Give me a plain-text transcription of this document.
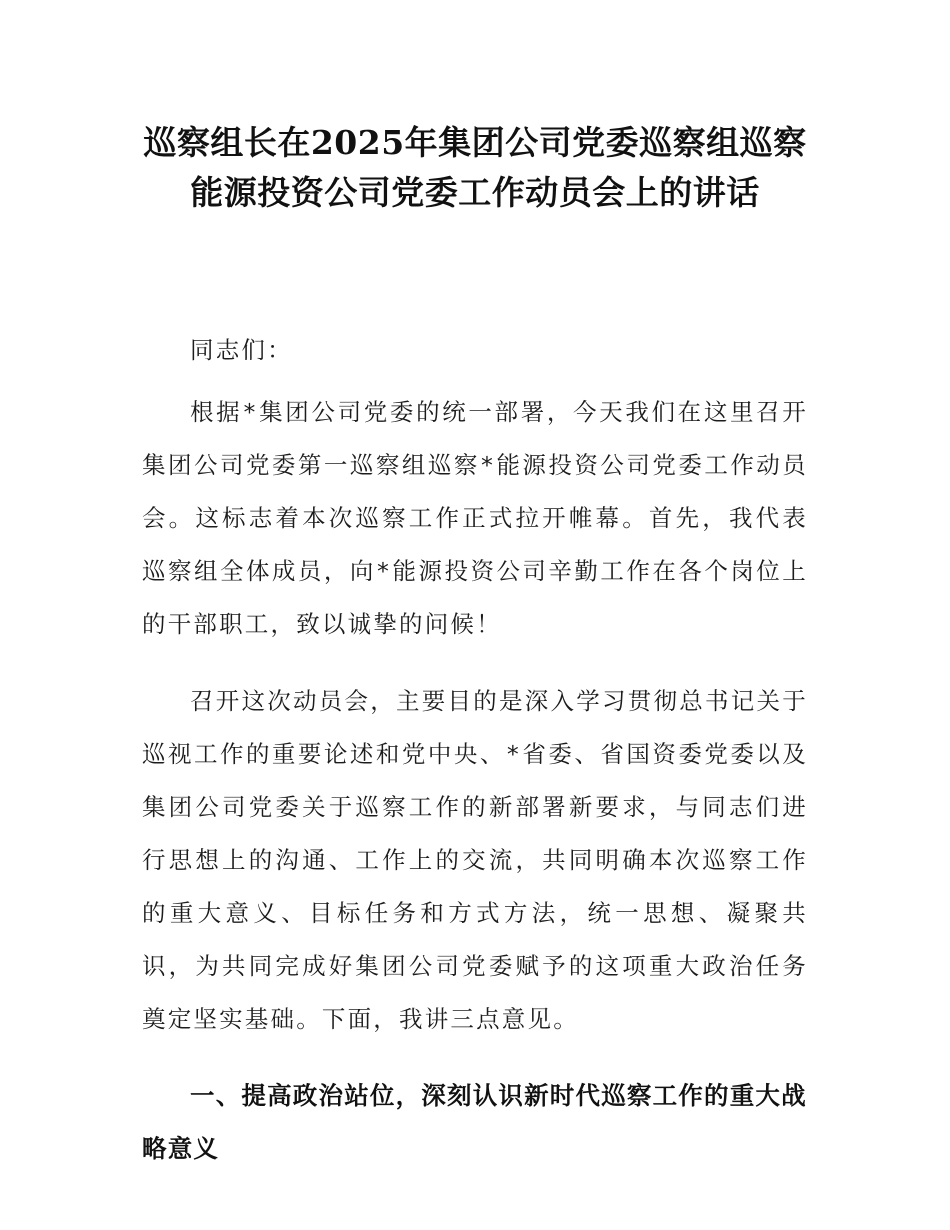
巡察组长在2025年集团公司党委巡察组巡察
能源投资公司党委工作动员会上的讲话
同志们：

根据*集团公司党委的统一部署，今天我们在这里召开集团公司党委第一巡察组巡察*能源投资公司党委工作动员会。这标志着本次巡察工作正式拉开帷幕。首先，我代表巡察组全体成员，向*能源投资公司辛勤工作在各个岗位上的干部职工，致以诚挚的问候！

召开这次动员会，主要目的是深入学习贯彻总书记关于巡视工作的重要论述和党中央、*省委、省国资委党委以及集团公司党委关于巡察工作的新部署新要求，与同志们进行思想上的沟通、工作上的交流，共同明确本次巡察工作的重大意义、目标任务和方式方法，统一思想、凝聚共识，为共同完成好集团公司党委赋予的这项重大政治任务奠定坚实基础。下面，我讲三点意见。

一、提高政治站位，深刻认识新时代巡察工作的重大战略意义
